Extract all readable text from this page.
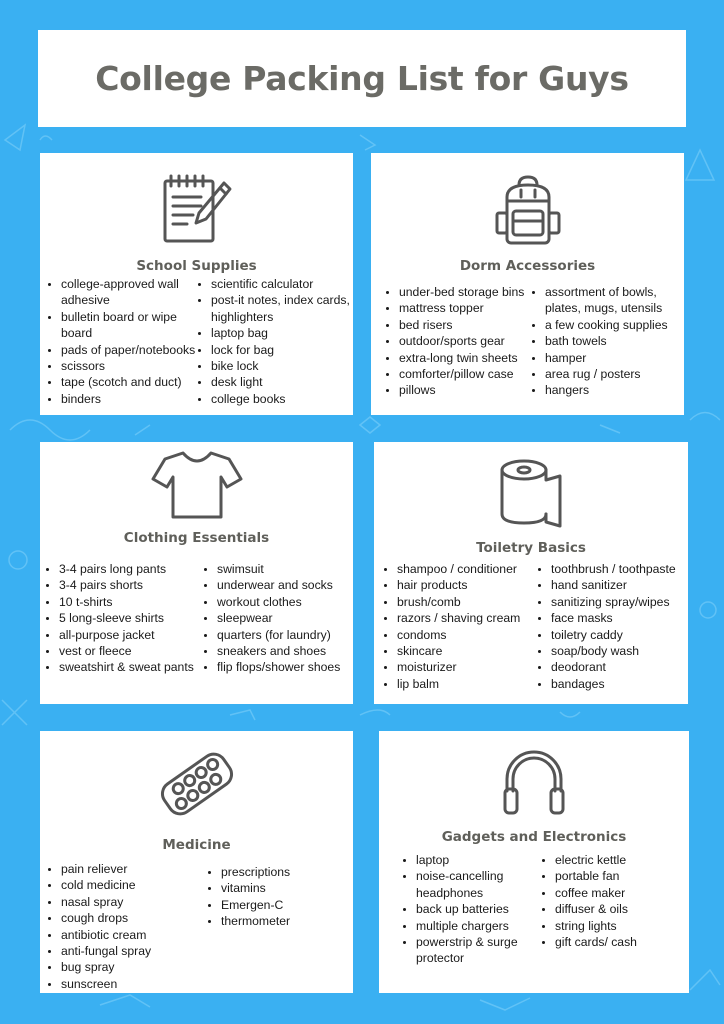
College Packing List for Guys
School Supplies
• college-approved wall adhesive
• bulletin board or wipe board
• pads of paper/notebooks
• scissors
• tape (scotch and duct)
• binders
• scientific calculator
• post-it notes, index cards, highlighters
• laptop bag
• lock for bag
• bike lock
• desk light
• college books
Dorm Accessories
• under-bed storage bins
• mattress topper
• bed risers
• outdoor/sports gear
• extra-long twin sheets
• comforter/pillow case
• pillows
• assortment of bowls, plates, mugs, utensils
• a few cooking supplies
• bath towels
• hamper
• area rug / posters
• hangers
Clothing Essentials
• 3-4 pairs long pants
• 3-4 pairs shorts
• 10 t-shirts
• 5 long-sleeve shirts
• all-purpose jacket
• vest or fleece
• sweatshirt & sweat pants
• swimsuit
• underwear and socks
• workout clothes
• sleepwear
• quarters (for laundry)
• sneakers and shoes
• flip flops/shower shoes
Toiletry Basics
• shampoo / conditioner
• hair products
• brush/comb
• razors / shaving cream
• condoms
• skincare
• moisturizer
• lip balm
• toothbrush / toothpaste
• hand sanitizer
• sanitizing spray/wipes
• face masks
• toiletry caddy
• soap/body wash
• deodorant
• bandages
Medicine
• pain reliever
• cold medicine
• nasal spray
• cough drops
• antibiotic cream
• anti-fungal spray
• bug spray
• sunscreen
• prescriptions
• vitamins
• Emergen-C
• thermometer
Gadgets and Electronics
• laptop
• noise-cancelling headphones
• back up batteries
• multiple chargers
• powerstrip & surge protector
• electric kettle
• portable fan
• coffee maker
• diffuser & oils
• string lights
• gift cards/ cash
